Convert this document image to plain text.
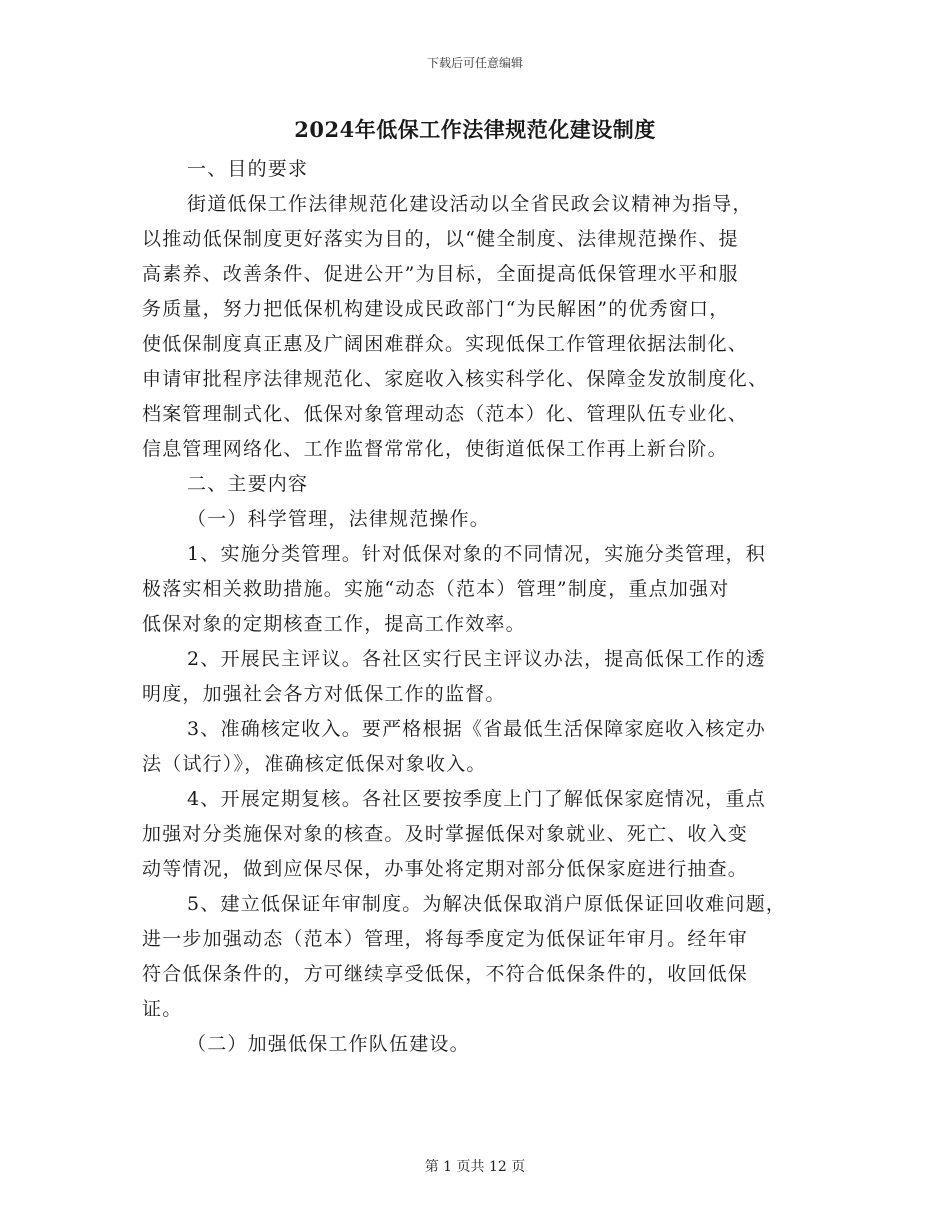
下载后可任意编辑
2024年低保工作法律规范化建设制度
一、目的要求
街道低保工作法律规范化建设活动以全省民政会议精神为指导，
以推动低保制度更好落实为目的，以“健全制度、法律规范操作、提
高素养、改善条件、促进公开”为目标，全面提高低保管理水平和服
务质量，努力把低保机构建设成民政部门“为民解困”的优秀窗口，
使低保制度真正惠及广阔困难群众。实现低保工作管理依据法制化、
申请审批程序法律规范化、家庭收入核实科学化、保障金发放制度化、
档案管理制式化、低保对象管理动态（范本）化、管理队伍专业化、
信息管理网络化、工作监督常常化，使街道低保工作再上新台阶。
二、主要内容
（一）科学管理，法律规范操作。
1、实施分类管理。针对低保对象的不同情况，实施分类管理，积
极落实相关救助措施。实施“动态（范本）管理”制度，重点加强对
低保对象的定期核查工作，提高工作效率。
2、开展民主评议。各社区实行民主评议办法，提高低保工作的透
明度，加强社会各方对低保工作的监督。
3、准确核定收入。要严格根据《省最低生活保障家庭收入核定办
法（试行）》，准确核定低保对象收入。
4、开展定期复核。各社区要按季度上门了解低保家庭情况，重点
加强对分类施保对象的核查。及时掌握低保对象就业、死亡、收入变
动等情况，做到应保尽保，办事处将定期对部分低保家庭进行抽查。
5、建立低保证年审制度。为解决低保取消户原低保证回收难问题，
进一步加强动态（范本）管理，将每季度定为低保证年审月。经年审
符合低保条件的，方可继续享受低保，不符合低保条件的，收回低保
证。
（二）加强低保工作队伍建设。
第 1 页共 12 页
